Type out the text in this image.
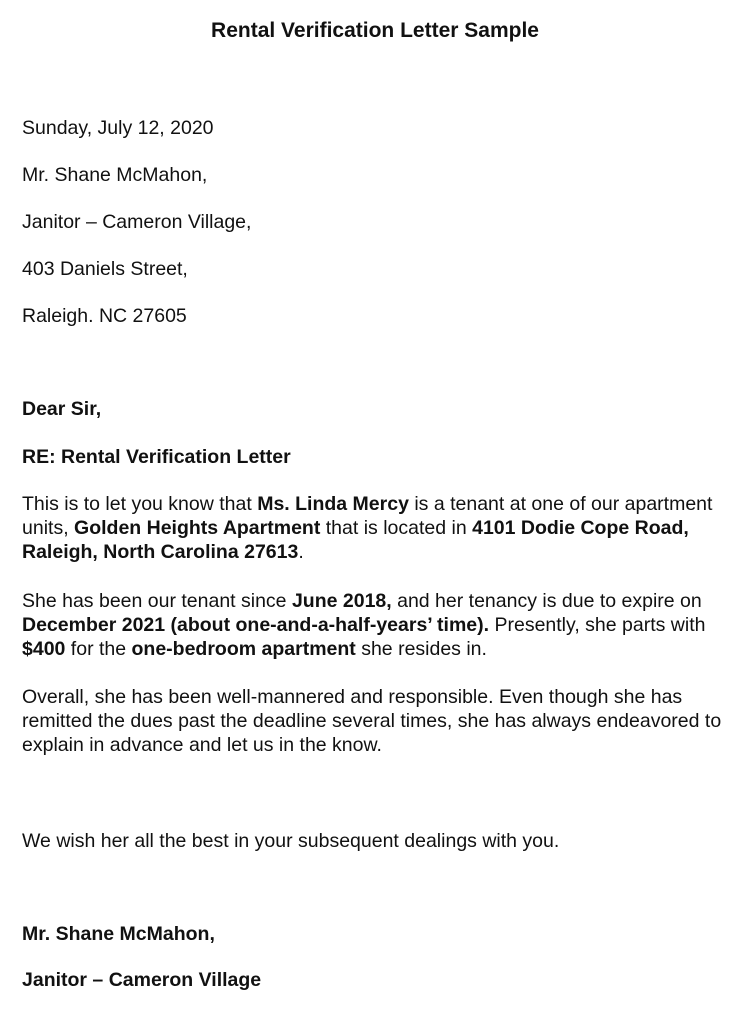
Rental Verification Letter Sample
Sunday, July 12, 2020
Mr. Shane McMahon,
Janitor – Cameron Village,
403 Daniels Street,
Raleigh. NC 27605
Dear Sir,
RE: Rental Verification Letter
This is to let you know that Ms. Linda Mercy is a tenant at one of our apartment units, Golden Heights Apartment that is located in 4101 Dodie Cope Road, Raleigh, North Carolina 27613.
She has been our tenant since June 2018, and her tenancy is due to expire on December 2021 (about one-and-a-half-years’ time). Presently, she parts with $400 for the one-bedroom apartment she resides in.
Overall, she has been well-mannered and responsible. Even though she has remitted the dues past the deadline several times, she has always endeavored to explain in advance and let us in the know.
We wish her all the best in your subsequent dealings with you.
Mr. Shane McMahon,
Janitor – Cameron Village
